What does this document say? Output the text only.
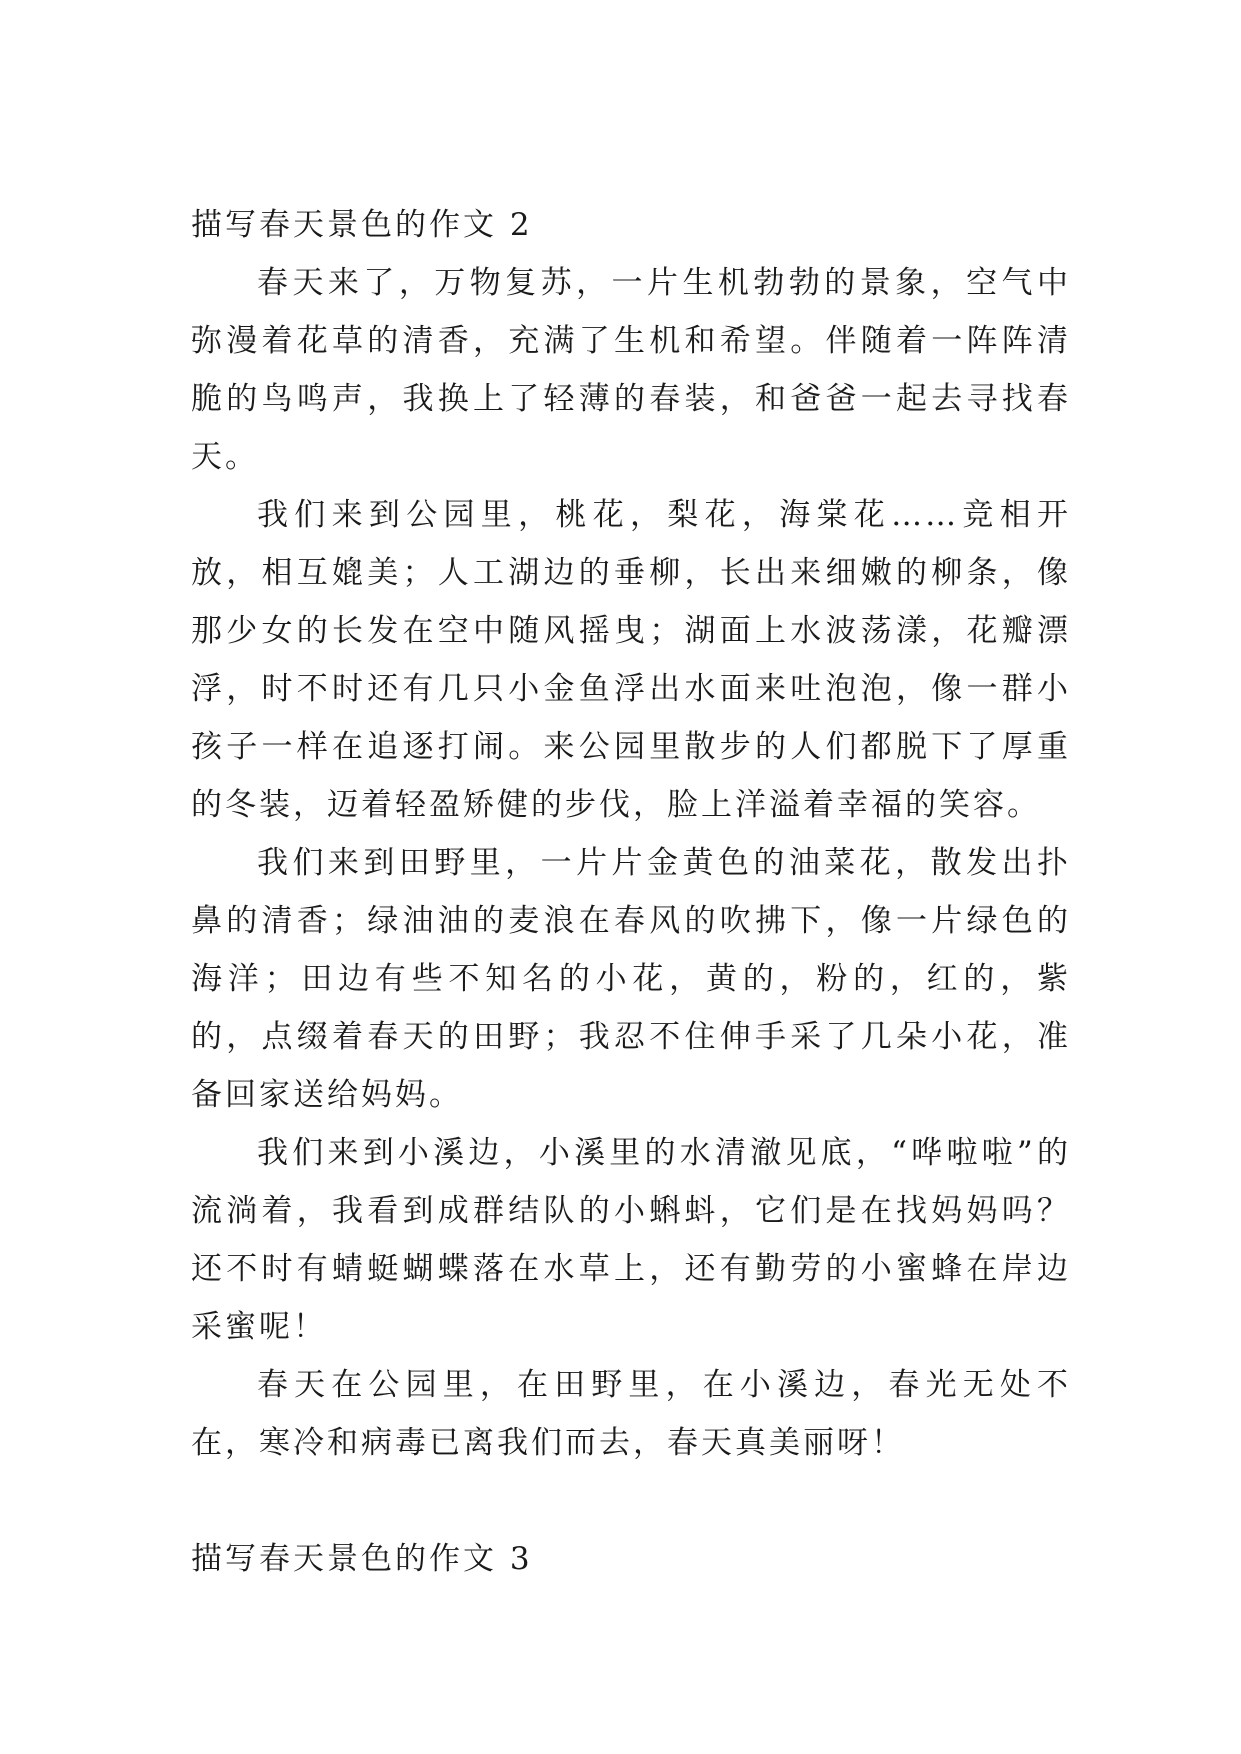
描写春天景色的作文 2

春天来了，万物复苏，一片生机勃勃的景象，空气中弥漫着花草的清香，充满了生机和希望。伴随着一阵阵清脆的鸟鸣声，我换上了轻薄的春装，和爸爸一起去寻找春天。

我们来到公园里，桃花，梨花，海棠花……竞相开放，相互媲美；人工湖边的垂柳，长出来细嫩的柳条，像那少女的长发在空中随风摇曳；湖面上水波荡漾，花瓣漂浮，时不时还有几只小金鱼浮出水面来吐泡泡，像一群小孩子一样在追逐打闹。来公园里散步的人们都脱下了厚重的冬装，迈着轻盈矫健的步伐，脸上洋溢着幸福的笑容。

我们来到田野里，一片片金黄色的油菜花，散发出扑鼻的清香；绿油油的麦浪在春风的吹拂下，像一片绿色的海洋；田边有些不知名的小花，黄的，粉的，红的，紫的，点缀着春天的田野；我忍不住伸手采了几朵小花，准备回家送给妈妈。

我们来到小溪边，小溪里的水清澈见底，“哗啦啦”的流淌着，我看到成群结队的小蝌蚪，它们是在找妈妈吗？还不时有蜻蜓蝴蝶落在水草上，还有勤劳的小蜜蜂在岸边采蜜呢！

春天在公园里，在田野里，在小溪边，春光无处不在，寒冷和病毒已离我们而去，春天真美丽呀！

描写春天景色的作文 3
